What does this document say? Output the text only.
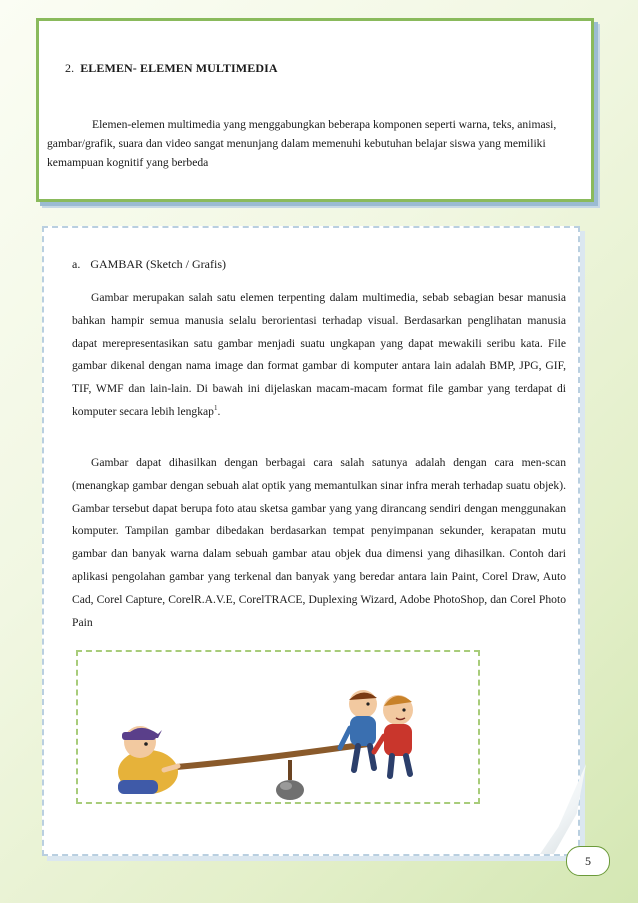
2. ELEMEN- ELEMEN MULTIMEDIA
Elemen-elemen multimedia yang menggabungkan beberapa komponen seperti warna, teks, animasi, gambar/grafik, suara dan video sangat menunjang dalam memenuhi kebutuhan belajar siswa yang memiliki kemampuan kognitif yang berbeda
a. GAMBAR (Sketch / Grafis)
Gambar merupakan salah satu elemen terpenting dalam multimedia, sebab sebagian besar manusia bahkan hampir semua manusia selalu berorientasi terhadap visual. Berdasarkan penglihatan manusia dapat merepresentasikan satu gambar menjadi suatu ungkapan yang dapat mewakili seribu kata. File gambar dikenal dengan nama image dan format gambar di komputer antara lain adalah BMP, JPG, GIF, TIF, WMF dan lain-lain. Di bawah ini dijelaskan macam-macam format file gambar yang terdapat di komputer secara lebih lengkap$^1$.
Gambar dapat dihasilkan dengan berbagai cara salah satunya adalah dengan cara men-scan (menangkap gambar dengan sebuah alat optik yang memantulkan sinar infra merah terhadap suatu objek). Gambar tersebut dapat berupa foto atau sketsa gambar yang yang dirancang sendiri dengan menggunakan komputer. Tampilan gambar dibedakan berdasarkan tempat penyimpanan sekunder, kerapatan mutu gambar dan banyak warna dalam sebuah gambar atau objek dua dimensi yang dihasilkan. Contoh dari aplikasi pengolahan gambar yang terkenal dan banyak yang beredar antara lain Paint, Corel Draw, Auto Cad, Corel Capture, CorelR.A.V.E, CorelTRACE, Duplexing Wizard, Adobe PhotoShop, dan Corel Photo Pain
5
